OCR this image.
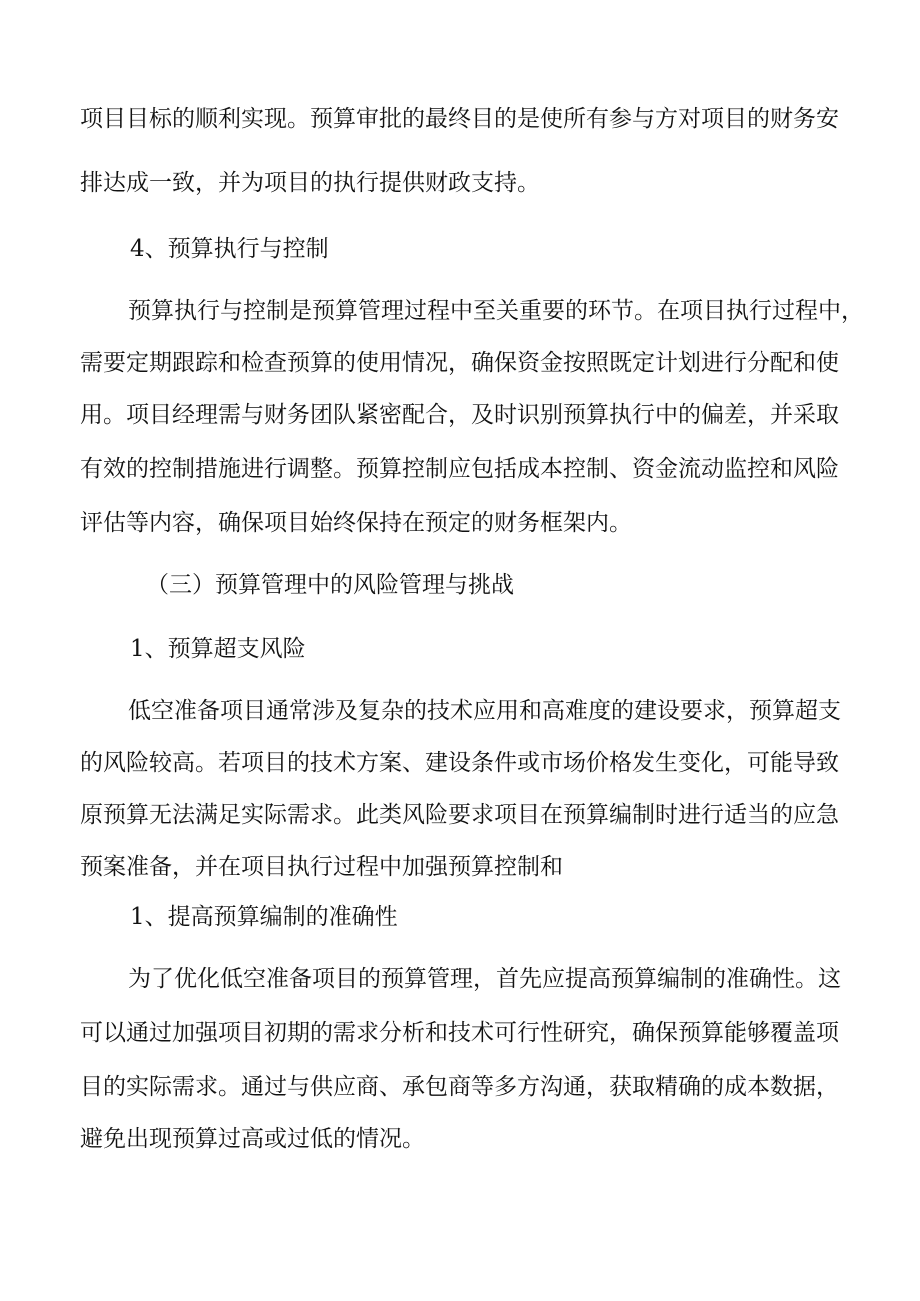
项目目标的顺利实现。预算审批的最终目的是使所有参与方对项目的财务安
排达成一致，并为项目的执行提供财政支持。
4、预算执行与控制
预算执行与控制是预算管理过程中至关重要的环节。在项目执行过程中，
需要定期跟踪和检查预算的使用情况，确保资金按照既定计划进行分配和使
用。项目经理需与财务团队紧密配合，及时识别预算执行中的偏差，并采取
有效的控制措施进行调整。预算控制应包括成本控制、资金流动监控和风险
评估等内容，确保项目始终保持在预定的财务框架内。
（三）预算管理中的风险管理与挑战
1、预算超支风险
低空准备项目通常涉及复杂的技术应用和高难度的建设要求，预算超支
的风险较高。若项目的技术方案、建设条件或市场价格发生变化，可能导致
原预算无法满足实际需求。此类风险要求项目在预算编制时进行适当的应急
预案准备，并在项目执行过程中加强预算控制和
1、提高预算编制的准确性
为了优化低空准备项目的预算管理，首先应提高预算编制的准确性。这
可以通过加强项目初期的需求分析和技术可行性研究，确保预算能够覆盖项
目的实际需求。通过与供应商、承包商等多方沟通，获取精确的成本数据，
避免出现预算过高或过低的情况。
